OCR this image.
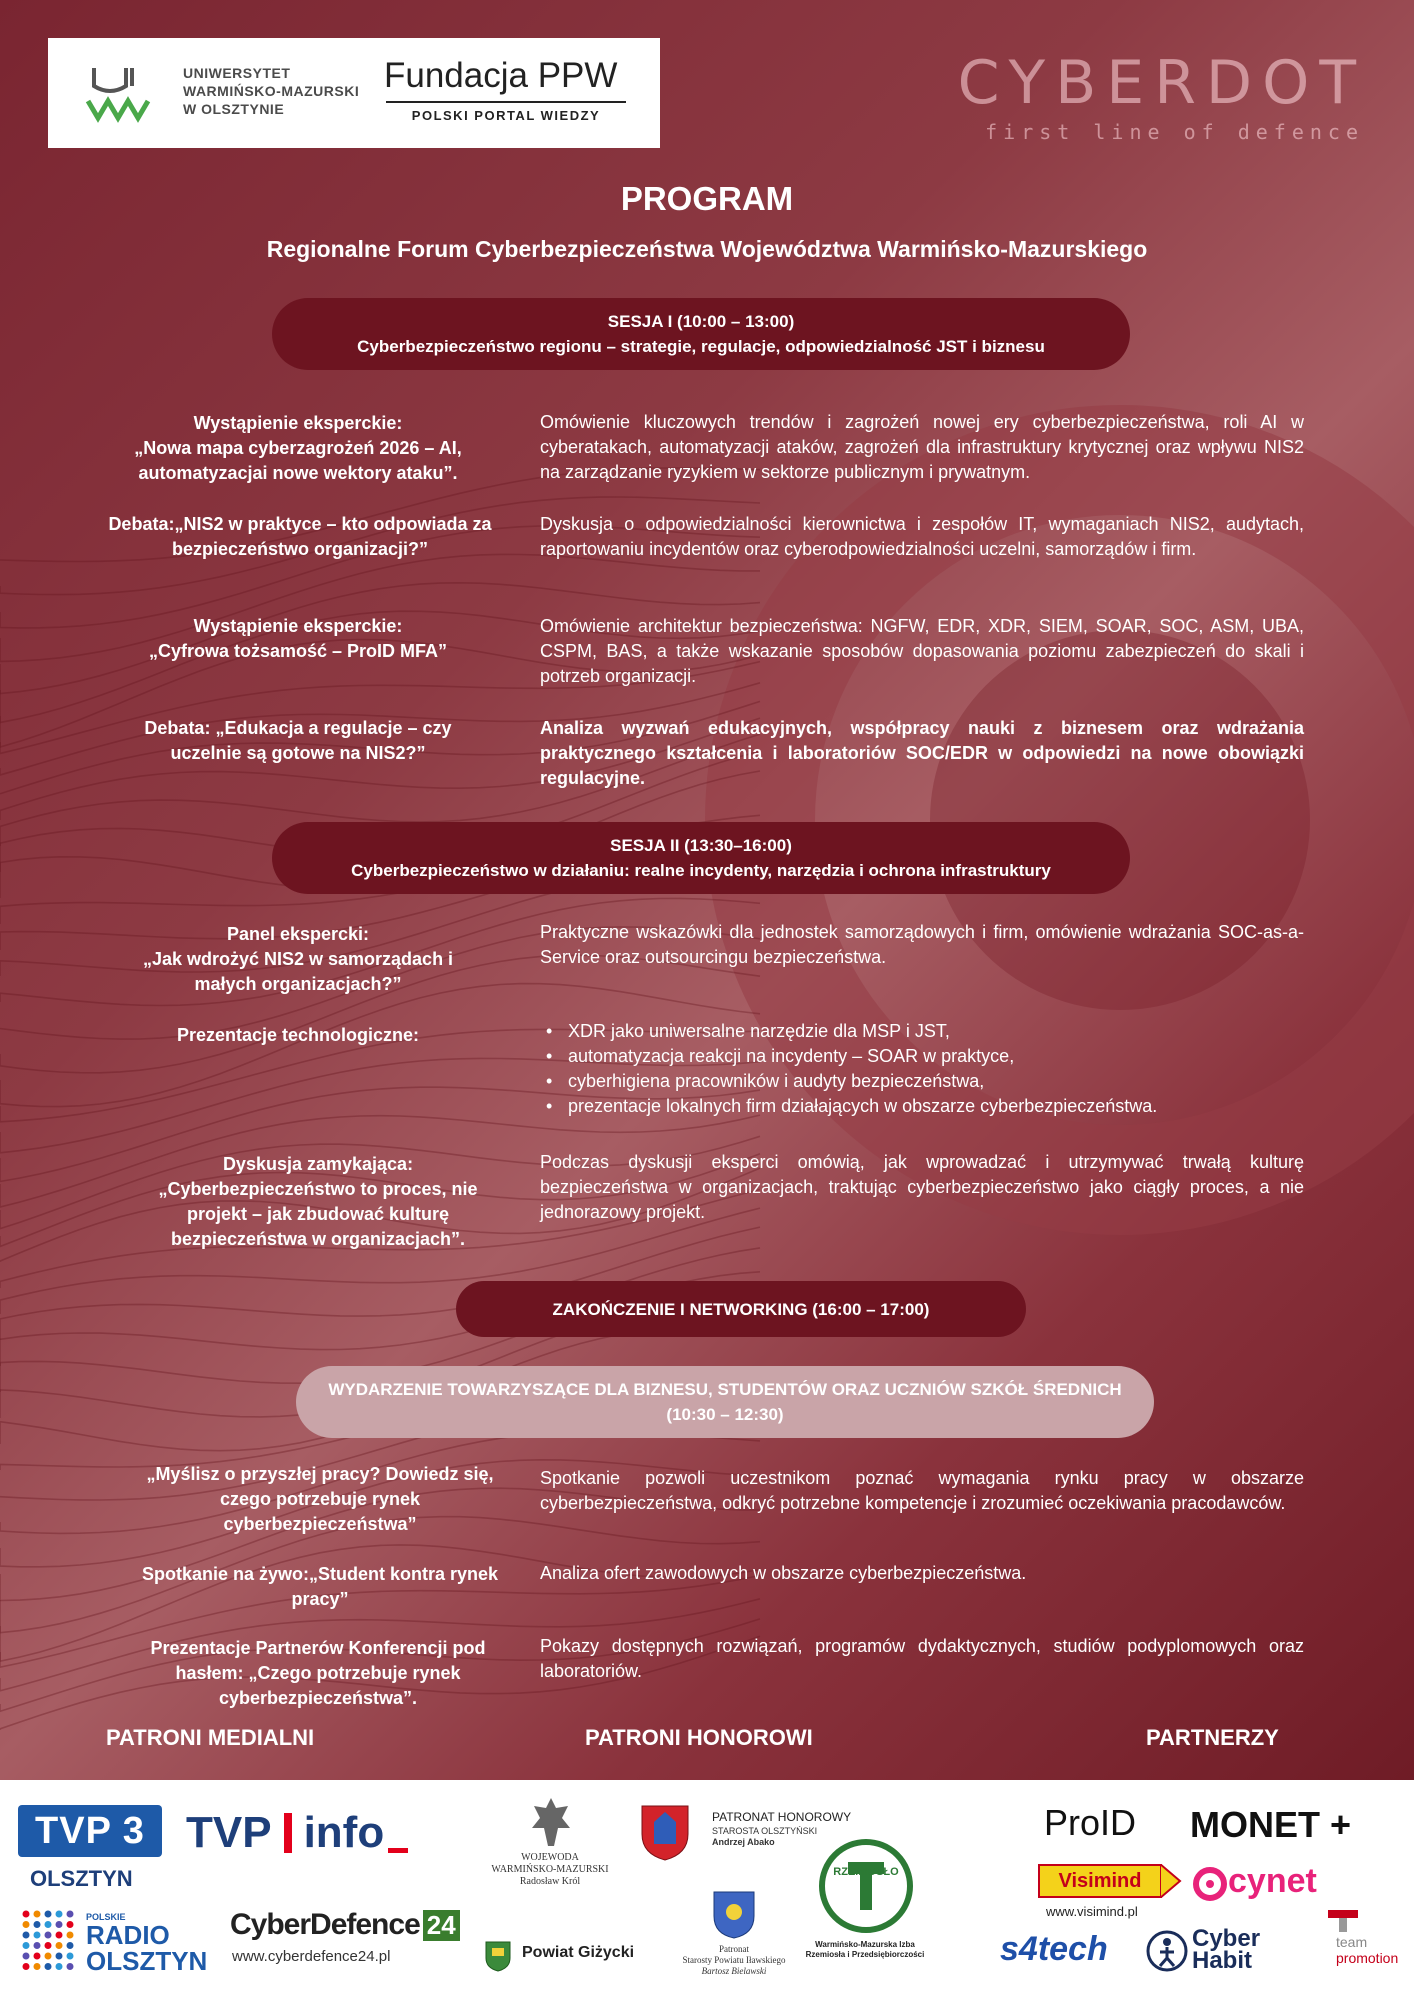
UNIWERSYTET
WARMIŃSKO-MAZURSKI
W OLSZTYNIE
Fundacja PPW
POLSKI PORTAL WIEDZY	CYBERDOT
first line of defence
PROGRAM
Regionalne Forum Cyberbezpieczeństwa Województwa Warmińsko-Mazurskiego
SESJA I (10:00 – 13:00)
Cyberbezpieczeństwo regionu – strategie, regulacje, odpowiedzialność JST i biznesu
Wystąpienie eksperckie:
„Nowa mapa cyberzagrożeń 2026 – AI, automatyzacjai nowe wektory ataku”.
Omówienie kluczowych trendów i zagrożeń nowej ery cyberbezpieczeństwa, roli AI w cyberatakach, automatyzacji ataków, zagrożeń dla infrastruktury krytycznej oraz wpływu NIS2 na zarządzanie ryzykiem w sektorze publicznym i prywatnym.
Debata:„NIS2 w praktyce – kto odpowiada za bezpieczeństwo organizacji?”
Dyskusja o odpowiedzialności kierownictwa i zespołów IT, wymaganiach NIS2, audytach, raportowaniu incydentów oraz cyberodpowiedzialności uczelni, samorządów i firm.
Wystąpienie eksperckie:
„Cyfrowa tożsamość – ProID MFA”
Omówienie architektur bezpieczeństwa: NGFW, EDR, XDR, SIEM, SOAR, SOC, ASM, UBA, CSPM, BAS, a także wskazanie sposobów dopasowania poziomu zabezpieczeń do skali i potrzeb organizacji.
Debata: „Edukacja a regulacje – czy uczelnie są gotowe na NIS2?”
Analiza wyzwań edukacyjnych, współpracy nauki z biznesem oraz wdrażania praktycznego kształcenia i laboratoriów SOC/EDR w odpowiedzi na nowe obowiązki regulacyjne.
SESJA II (13:30–16:00)
Cyberbezpieczeństwo w działaniu: realne incydenty, narzędzia i ochrona infrastruktury
Panel ekspercki:
„Jak wdrożyć NIS2 w samorządach i małych organizacjach?”
Praktyczne wskazówki dla jednostek samorządowych i firm, omówienie wdrażania SOC-as-a-Service oraz outsourcingu bezpieczeństwa.
Prezentacje technologiczne:
•	XDR jako uniwersalne narzędzie dla MSP i JST,
• automatyzacja reakcji na incydenty – SOAR w praktyce,
• cyberhigiena pracowników i audyty bezpieczeństwa,
• prezentacje lokalnych firm działających w obszarze cyberbezpieczeństwa.
Dyskusja zamykająca:
„Cyberbezpieczeństwo to proces, nie projekt – jak zbudować kulturę bezpieczeństwa w organizacjach”.
Podczas dyskusji eksperci omówią, jak wprowadzać i utrzymywać trwałą kulturę bezpieczeństwa w organizacjach, traktując cyberbezpieczeństwo jako ciągły proces, a nie jednorazowy projekt.
ZAKOŃCZENIE I NETWORKING (16:00 – 17:00)
WYDARZENIE TOWARZYSZĄCE DLA BIZNESU, STUDENTÓW ORAZ UCZNIÓW SZKÓŁ ŚREDNICH (10:30 – 12:30)
„Myślisz o przyszłej pracy? Dowiedz się, czego potrzebuje rynek cyberbezpieczeństwa”
Spotkanie pozwoli uczestnikom poznać wymagania rynku pracy w obszarze cyberbezpieczeństwa, odkryć potrzebne kompetencje i zrozumieć oczekiwania pracodawców.
Spotkanie na żywo:„Student kontra rynek pracy”
Analiza ofert zawodowych w obszarze cyberbezpieczeństwa.
Prezentacje Partnerów Konferencji pod hasłem: „Czego potrzebuje rynek cyberbezpieczeństwa”.
Pokazy dostępnych rozwiązań, programów dydaktycznych, studiów podyplomowych oraz laboratoriów.
PATRONI MEDIALNI	PATRONI HONOROWI	PARTNERZY
TVP 3
OLSZTYN
TVP info
POLSKIE
RADIO
OLSZTYN
CyberDefence 24
www.cyberdefence24.pl
WOJEWODA
WARMIŃSKO-MAZURSKI
Radosław Król
Powiat Giżycki
PATRONAT HONOROWY
STAROSTA OLSZTYŃSKI
Andrzej Abako
Patronat
Starosty Powiatu Iławskiego
Bartosz Bielawski
RZEMIOSŁO
Warmińsko-Mazurska Izba
Rzemiosła i Przedsiębiorczości
ProID MONET +
Visimind
www.visimind.pl
cynet
s4tech	Cyber
Habit
team
promotion
